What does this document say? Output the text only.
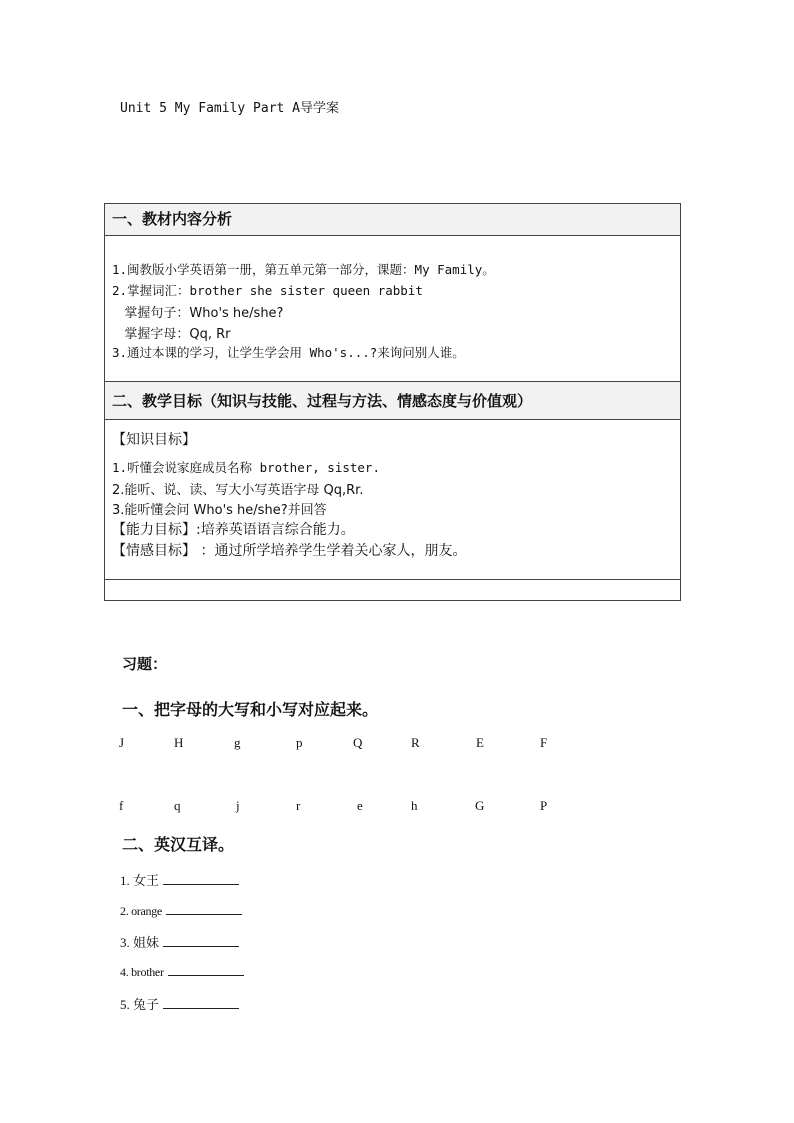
Unit 5 My Family Part A导学案
一、教材内容分析
1.闽教版小学英语第一册，第五单元第一部分，课题：My Family。
2.掌握词汇：brother she sister queen rabbit
掌握句子：Who's he/she?
掌握字母：Qq, Rr
3.通过本课的学习，让学生学会用 Who's...?来询问别人谁。
二、教学目标（知识与技能、过程与方法、情感态度与价值观）
【知识目标】
1.听懂会说家庭成员名称 brother, sister.
2.能听、说、读、写大小写英语字母 Qq,Rr.
3.能听懂会问 Who's he/she?并回答
【能力目标】:培养英语语言综合能力。
【情感目标】 ：通过所学培养学生学着关心家人，朋友。
习题：
一、把字母的大写和小写对应起来。
J	H	g	p	Q	R	E	F
f	q	j	r	e	h	G	P
二、英汉互译。
1. 女王
2. orange
3. 姐妹
4. brother
5. 兔子
